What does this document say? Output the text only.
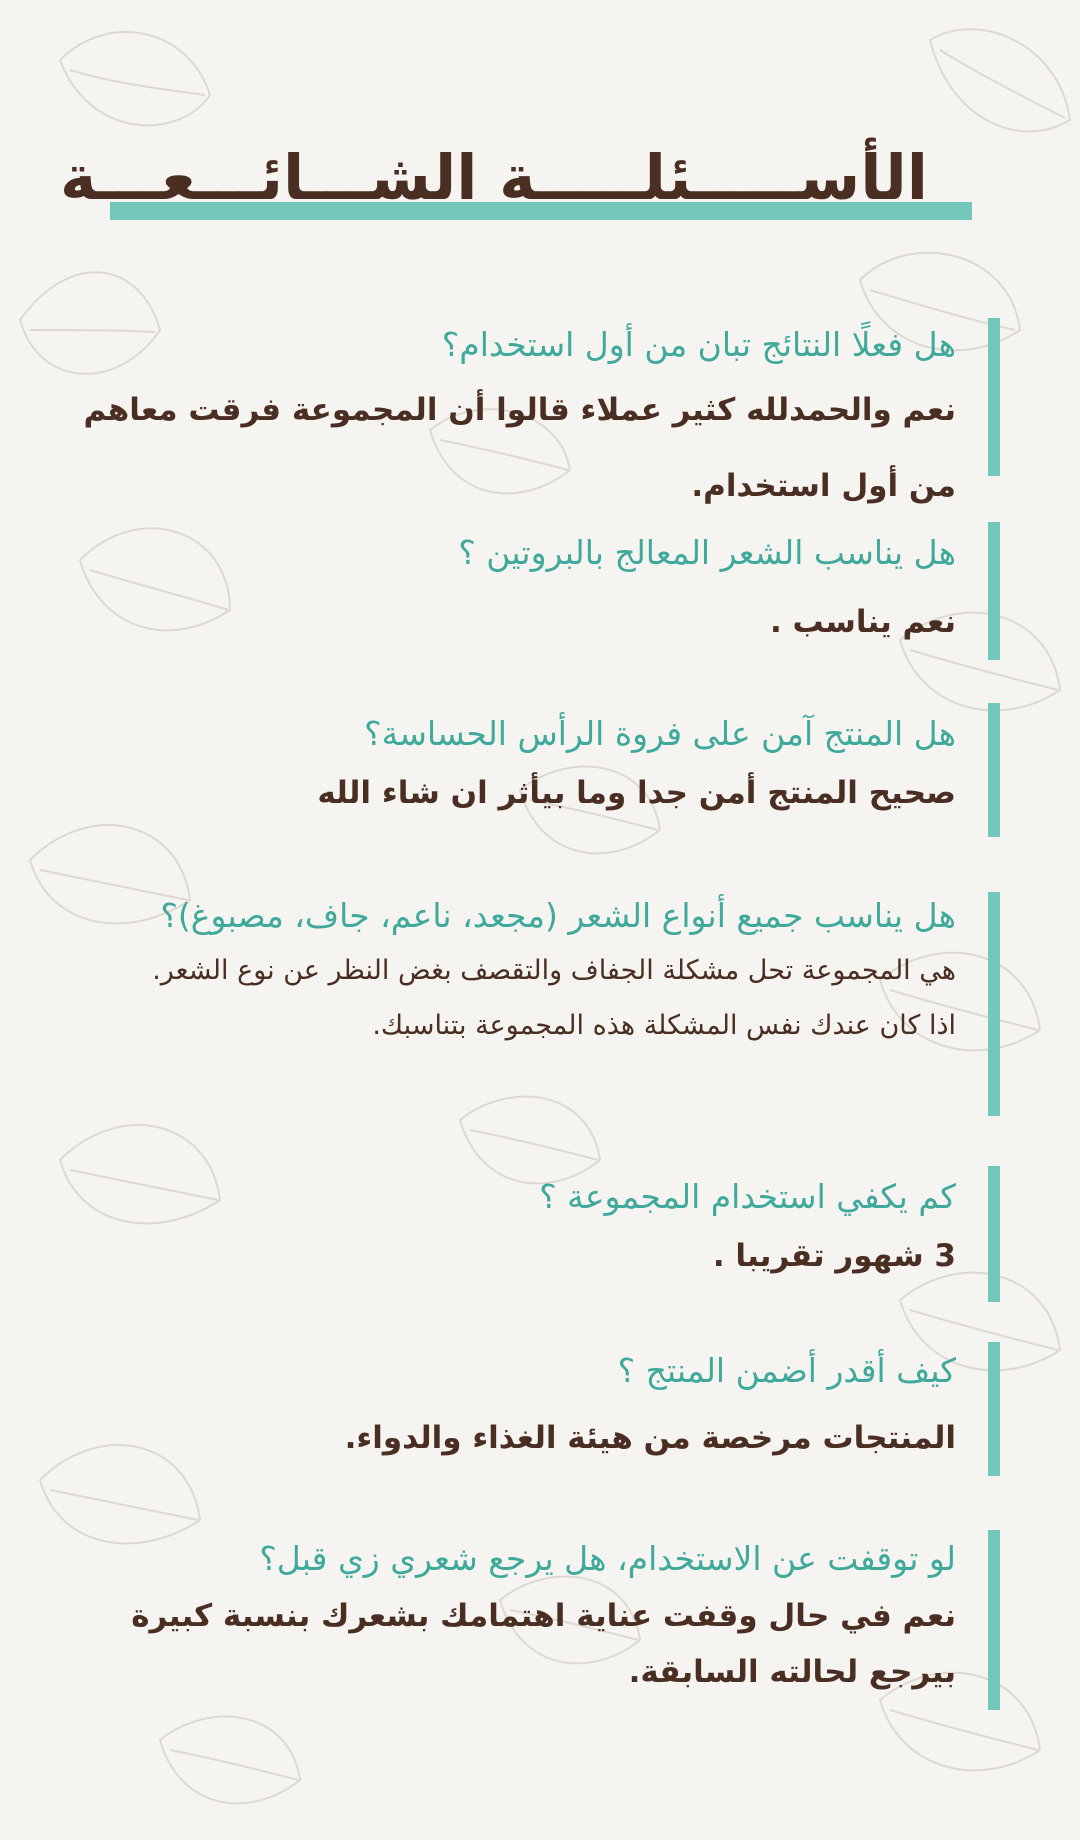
الأســـــئلـــــة الشـــائـــعـــة
هل فعلًا النتائج تبان من أول استخدام؟

نعم والحمدلله كثير عملاء قالوا أن المجموعة فرقت معاهم من أول استخدام.

هل يناسب الشعر المعالج بالبروتين ؟

نعم يناسب .

هل المنتج آمن على فروة الرأس الحساسة؟

صحيح المنتج أمن جدا وما بيأثر ان شاء الله

هل يناسب جميع أنواع الشعر (مجعد، ناعم، جاف، مصبوغ)؟

هي المجموعة تحل مشكلة الجفاف والتقصف بغض النظر عن نوع الشعر.

اذا كان عندك نفس المشكلة هذه المجموعة بتناسبك.

كم يكفي استخدام المجموعة ؟

3 شهور تقريبا .

كيف أقدر أضمن المنتج ؟

المنتجات مرخصة من هيئة الغذاء والدواء.

لو توقفت عن الاستخدام، هل يرجع شعري زي قبل؟

نعم في حال وقفت عناية اهتمامك بشعرك بنسبة كبيرة بيرجع لحالته السابقة.
